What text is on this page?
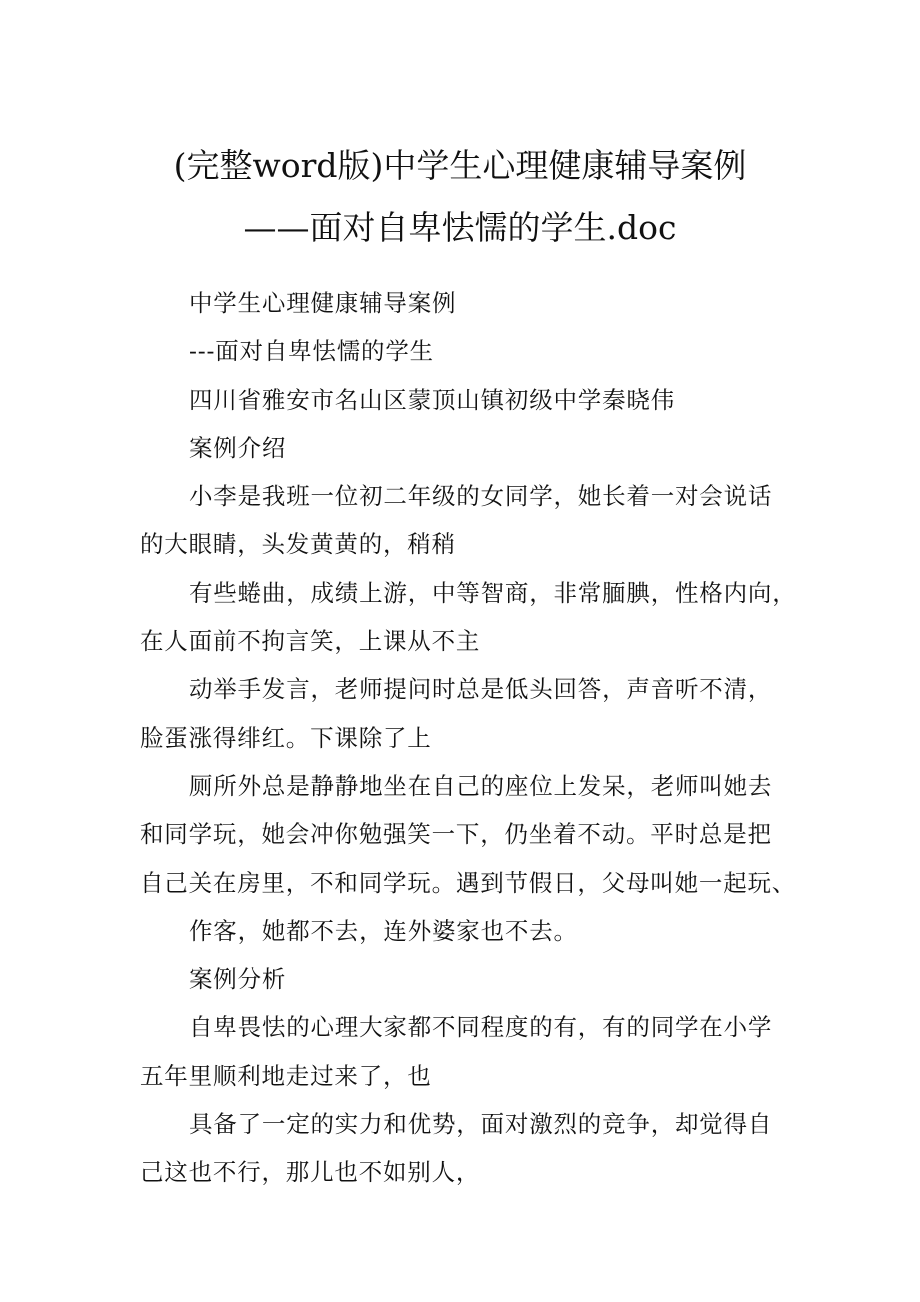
(完整word版)中学生心理健康辅导案例
——面对自卑怯懦的学生.doc
中学生心理健康辅导案例
---面对自卑怯懦的学生
四川省雅安市名山区蒙顶山镇初级中学秦晓伟
案例介绍
小李是我班一位初二年级的女同学，她长着一对会说话
的大眼睛，头发黄黄的，稍稍
有些蜷曲，成绩上游，中等智商，非常腼腆，性格内向，
在人面前不拘言笑，上课从不主
动举手发言，老师提问时总是低头回答，声音听不清，
脸蛋涨得绯红。下课除了上
厕所外总是静静地坐在自己的座位上发呆，老师叫她去
和同学玩，她会冲你勉强笑一下，仍坐着不动。平时总是把
自己关在房里，不和同学玩。遇到节假日，父母叫她一起玩、
作客，她都不去，连外婆家也不去。
案例分析
自卑畏怯的心理大家都不同程度的有，有的同学在小学
五年里顺利地走过来了，也
具备了一定的实力和优势，面对激烈的竞争，却觉得自
己这也不行，那儿也不如别人，
